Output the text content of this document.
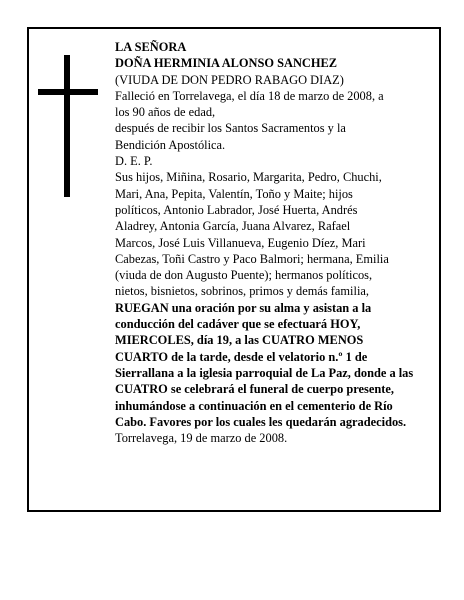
LA SEÑORA
DOÑA HERMINIA ALONSO SANCHEZ
(VIUDA DE DON PEDRO RABAGO DIAZ)
Falleció en Torrelavega, el día 18 de marzo de 2008, a
los 90 años de edad,
después de recibir los Santos Sacramentos y la
Bendición Apostólica.
D. E. P.
Sus hijos, Miñina, Rosario, Margarita, Pedro, Chuchi,
Mari, Ana, Pepita, Valentín, Toño y Maite; hijos
políticos, Antonio Labrador, José Huerta, Andrés
Aladrey, Antonia García, Juana Alvarez, Rafael
Marcos, José Luis Villanueva, Eugenio Díez, Mari
Cabezas, Toñi Castro y Paco Balmori; hermana, Emilia
(viuda de don Augusto Puente); hermanos políticos,
nietos, bisnietos, sobrinos, primos y demás familia,
RUEGAN una oración por su alma y asistan a la
conducción del cadáver que se efectuará HOY,
MIERCOLES, día 19, a las CUATRO MENOS
CUARTO de la tarde, desde el velatorio n.º 1 de
Sierrallana a la iglesia parroquial de La Paz, donde a las
CUATRO se celebrará el funeral de cuerpo presente,
inhumándose a continuación en el cementerio de Río
Cabo. Favores por los cuales les quedarán agradecidos.
Torrelavega, 19 de marzo de 2008.
